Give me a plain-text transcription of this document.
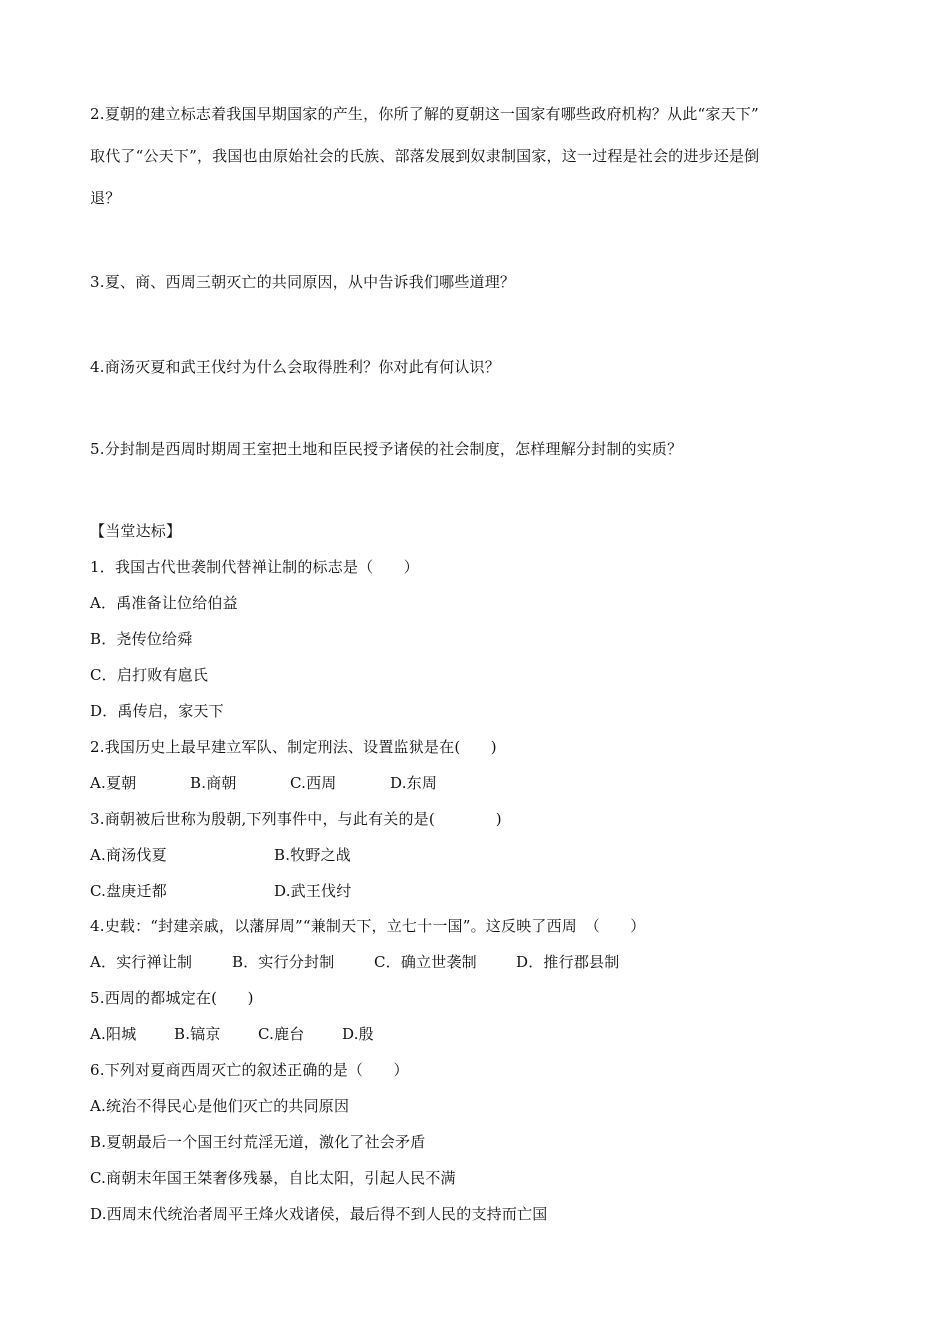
2.夏朝的建立标志着我国早期国家的产生，你所了解的夏朝这一国家有哪些政府机构？从此“家天下”
取代了“公天下”，我国也由原始社会的氏族、部落发展到奴隶制国家，这一过程是社会的进步还是倒
退？
3.夏、商、西周三朝灭亡的共同原因，从中告诉我们哪些道理？
4.商汤灭夏和武王伐纣为什么会取得胜利？你对此有何认识？
5.分封制是西周时期周王室把土地和臣民授予诸侯的社会制度，怎样理解分封制的实质？
【当堂达标】
1．我国古代世袭制代替禅让制的标志是（　　）
A．禹准备让位给伯益
B．尧传位给舜
C．启打败有扈氏
D．禹传启，家天下
2.我国历史上最早建立军队、制定刑法、设置监狱是在(　　)
A.夏朝	B.商朝	C.西周	D.东周
3.商朝被后世称为殷朝,下列事件中，与此有关的是(　　　　)
A.商汤伐夏	B.牧野之战
C.盘庚迁都	D.武王伐纣
4.史载：“封建亲戚，以藩屏周”“兼制天下，立七十一国”。这反映了西周　（　　）
A．实行禅让制	B．实行分封制	C．确立世袭制	D．推行郡县制
5.西周的都城定在(　　)
A.阳城	B.镐京 C.鹿台 D.殷
6.下列对夏商西周灭亡的叙述正确的是（　　）
A.统治不得民心是他们灭亡的共同原因
B.夏朝最后一个国王纣荒淫无道，激化了社会矛盾
C.商朝末年国王桀奢侈残暴，自比太阳，引起人民不满
D.西周末代统治者周平王烽火戏诸侯，最后得不到人民的支持而亡国
